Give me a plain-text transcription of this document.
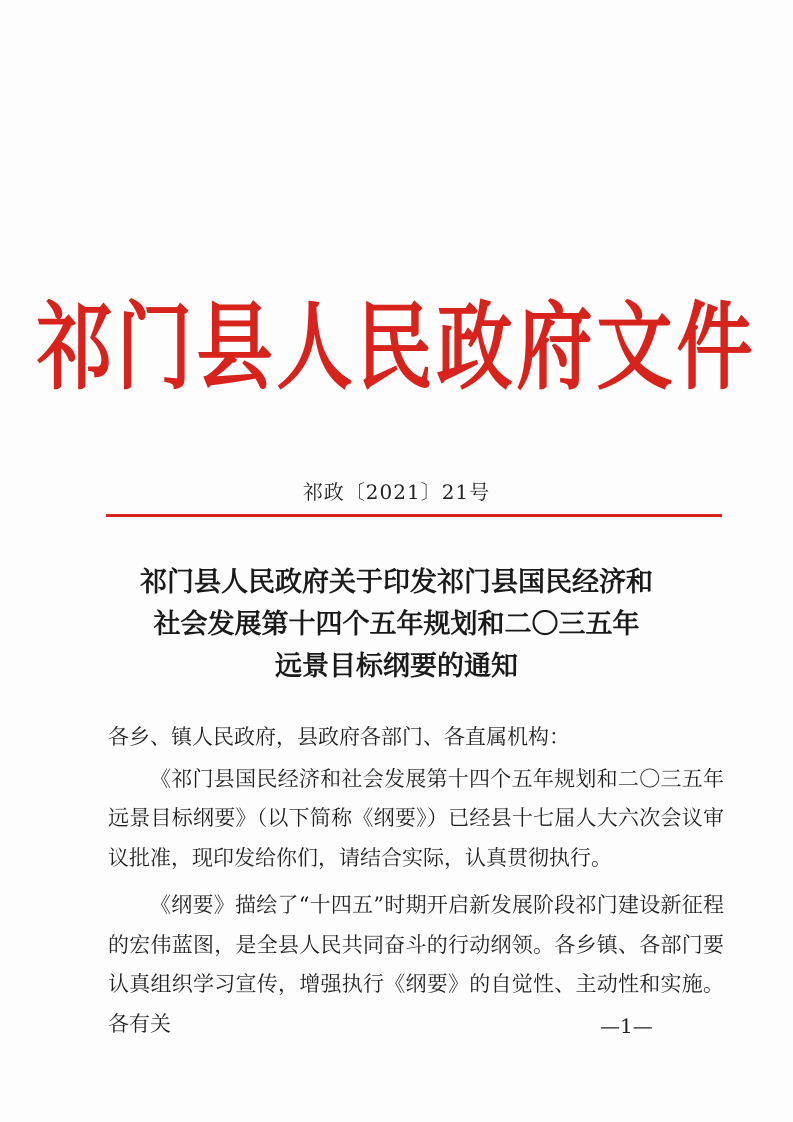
祁门县人民政府文件
祁政〔2021〕21号
祁门县人民政府关于印发祁门县国民经济和
社会发展第十四个五年规划和二〇三五年
远景目标纲要的通知

各乡、镇人民政府，县政府各部门、各直属机构：

《祁门县国民经济和社会发展第十四个五年规划和二〇三五年远景目标纲要》（以下简称《纲要》）已经县十七届人大六次会议审议批准，现印发给你们，请结合实际，认真贯彻执行。

《纲要》描绘了“十四五”时期开启新发展阶段祁门建设新征程的宏伟蓝图，是全县人民共同奋斗的行动纲领。各乡镇、各部门要认真组织学习宣传，增强执行《纲要》的自觉性、主动性和实施。各有关	—1—
